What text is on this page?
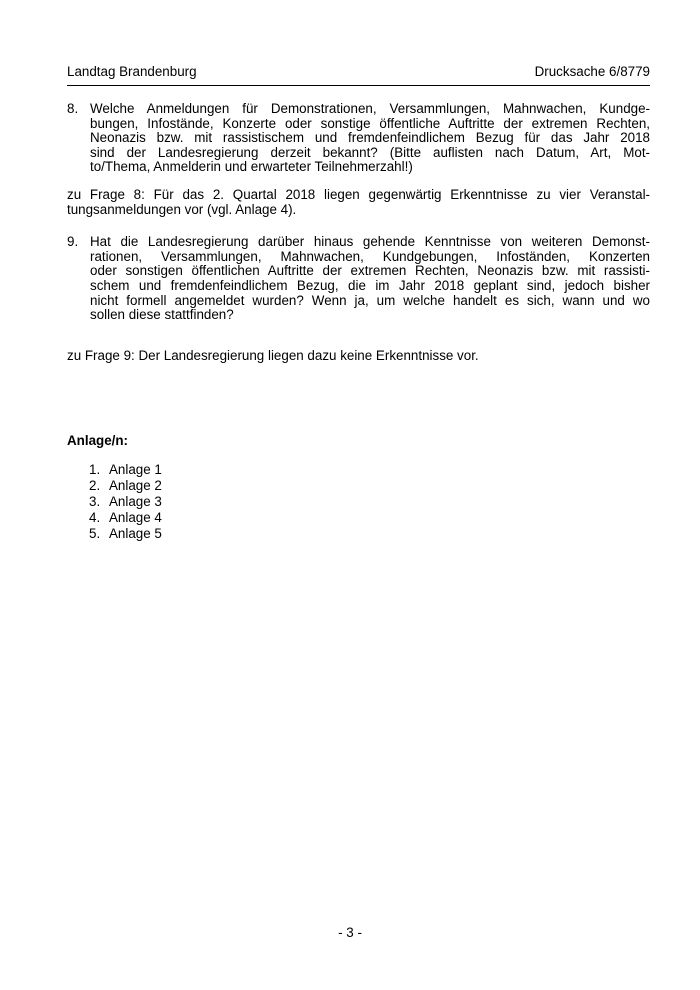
Landtag Brandenburg	Drucksache 6/8779
8. Welche Anmeldungen für Demonstrationen, Versammlungen, Mahnwachen, Kundge-
bungen, Infostände, Konzerte oder sonstige öffentliche Auftritte der extremen Rechten,
Neonazis bzw. mit rassistischem und fremdenfeindlichem Bezug für das Jahr 2018
sind der Landesregierung derzeit bekannt? (Bitte auflisten nach Datum, Art, Mot-
to/Thema, Anmelderin und erwarteter Teilnehmerzahl!)
zu Frage 8: Für das 2. Quartal 2018 liegen gegenwärtig Erkenntnisse zu vier Veranstal-
tungsanmeldungen vor (vgl. Anlage 4).
9. Hat die Landesregierung darüber hinaus gehende Kenntnisse von weiteren Demonst-
rationen, Versammlungen, Mahnwachen, Kundgebungen, Infoständen, Konzerten
oder sonstigen öffentlichen Auftritte der extremen Rechten, Neonazis bzw. mit rassisti-
schem und fremdenfeindlichem Bezug, die im Jahr 2018 geplant sind, jedoch bisher
nicht formell angemeldet wurden? Wenn ja, um welche handelt es sich, wann und wo
sollen diese stattfinden?
zu Frage 9: Der Landesregierung liegen dazu keine Erkenntnisse vor.
Anlage/n:
1. Anlage 1
2. Anlage 2
3. Anlage 3
4. Anlage 4
5. Anlage 5
- 3 -
